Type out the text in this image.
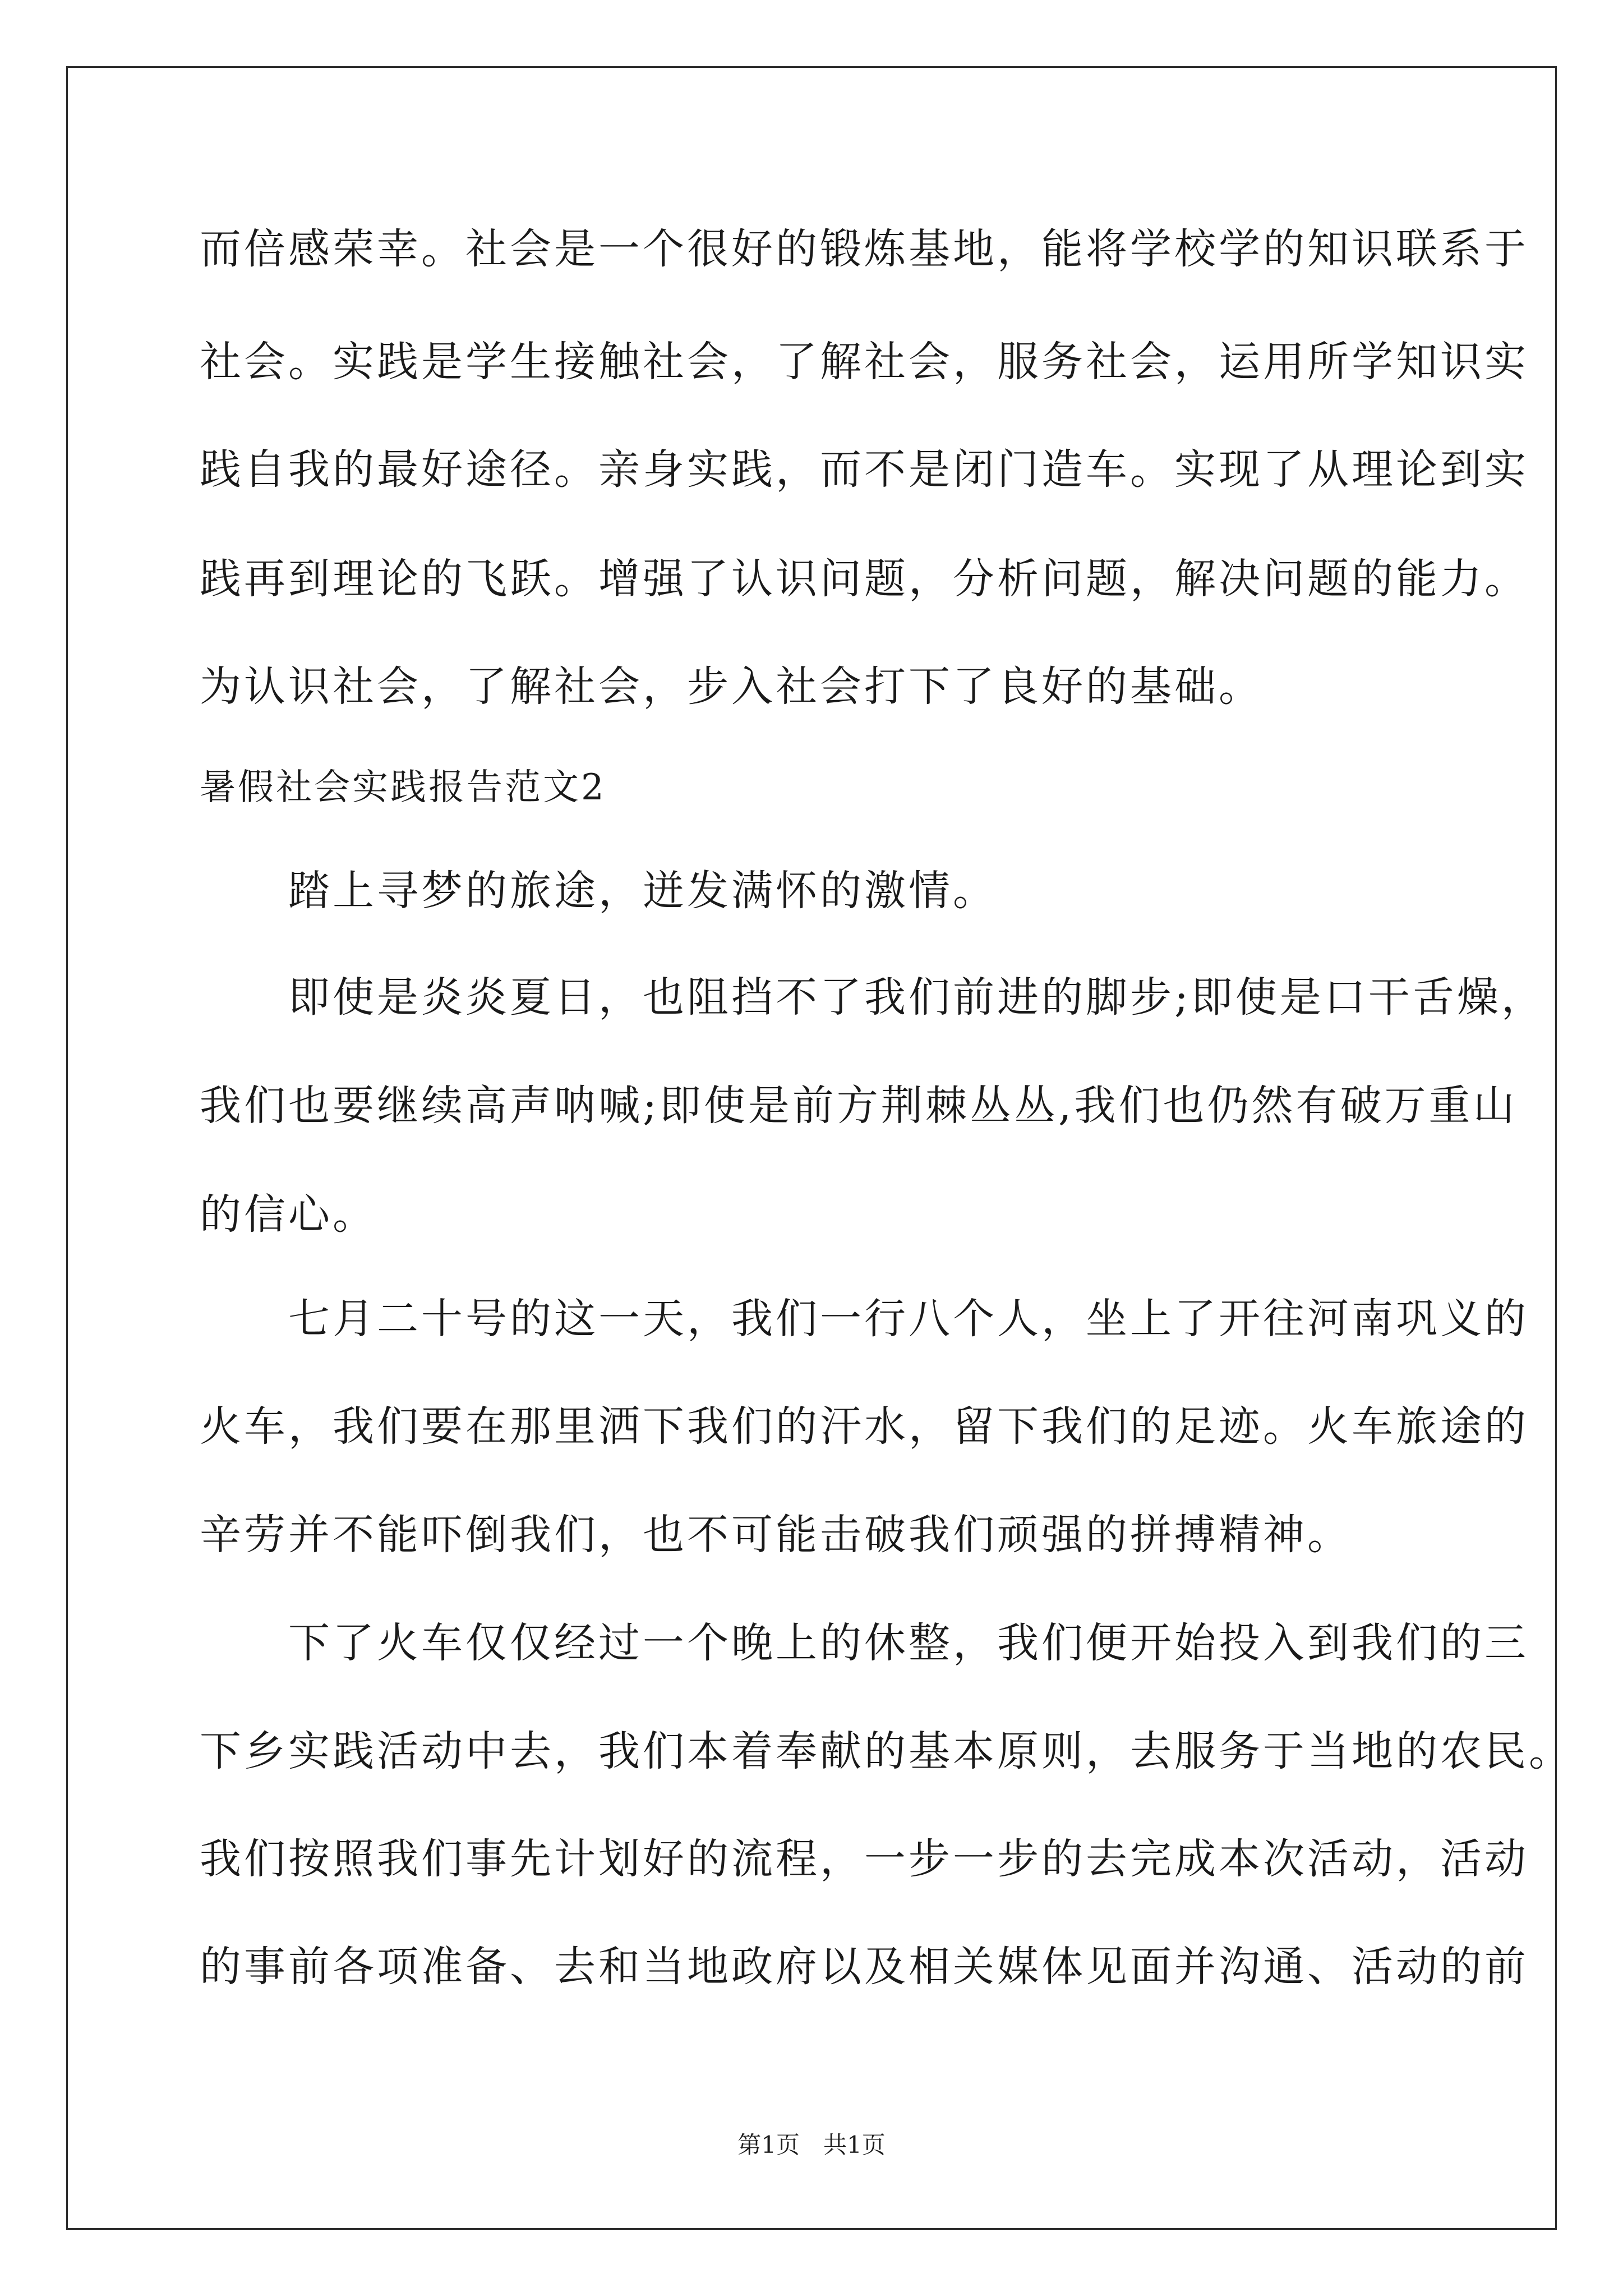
而倍感荣幸。社会是一个很好的锻炼基地，能将学校学的知识联系于
社会。实践是学生接触社会，了解社会，服务社会，运用所学知识实
践自我的最好途径。亲身实践，而不是闭门造车。实现了从理论到实
践再到理论的飞跃。增强了认识问题，分析问题，解决问题的能力。
为认识社会，了解社会，步入社会打下了良好的基础。
暑假社会实践报告范文2
　　踏上寻梦的旅途，迸发满怀的激情。
　　即使是炎炎夏日，也阻挡不了我们前进的脚步;即使是口干舌燥，
我们也要继续高声呐喊;即使是前方荆棘丛丛,我们也仍然有破万重山
的信心。
　　七月二十号的这一天，我们一行八个人，坐上了开往河南巩义的
火车，我们要在那里洒下我们的汗水，留下我们的足迹。火车旅途的
辛劳并不能吓倒我们，也不可能击破我们顽强的拼搏精神。
　　下了火车仅仅经过一个晚上的休整，我们便开始投入到我们的三
下乡实践活动中去，我们本着奉献的基本原则，去服务于当地的农民。
我们按照我们事先计划好的流程，一步一步的去完成本次活动，活动
的事前各项准备、去和当地政府以及相关媒体见面并沟通、活动的前
第1页　共1页
